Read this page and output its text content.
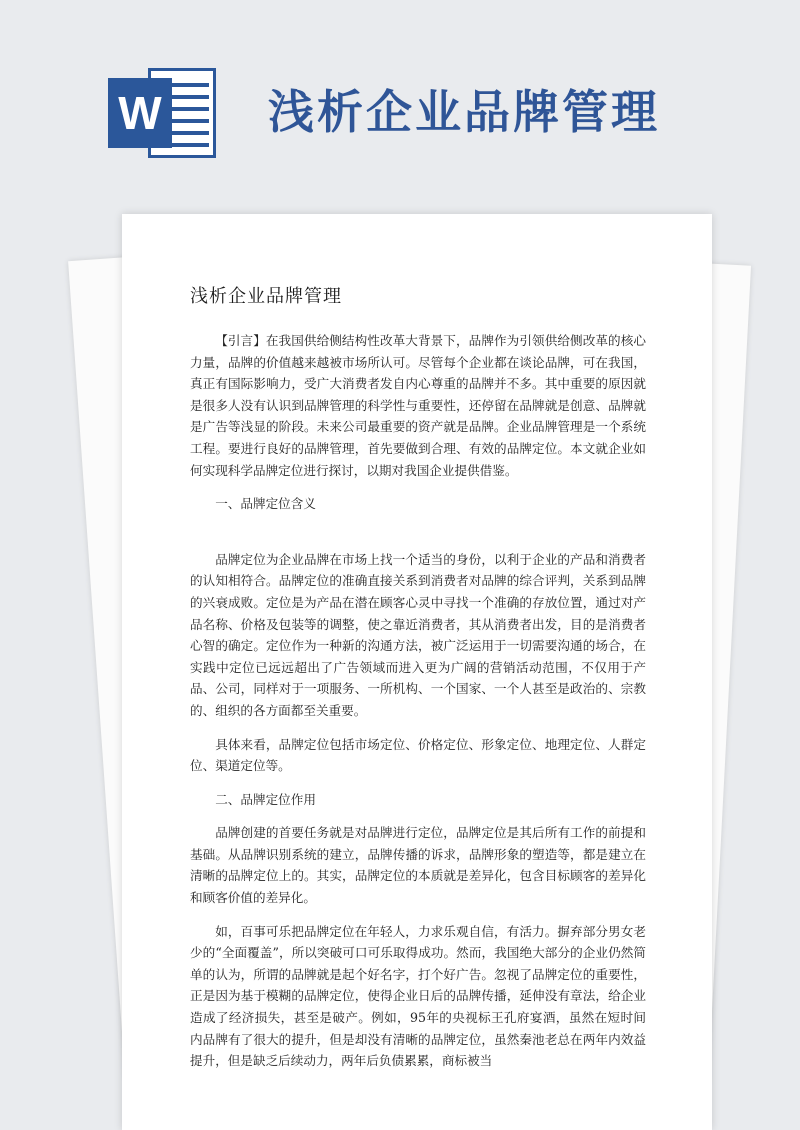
W 浅析企业品牌管理
浅析企业品牌管理

【引言】在我国供给侧结构性改革大背景下，品牌作为引领供给侧改革的核心力量，品牌的价值越来越被市场所认可。尽管每个企业都在谈论品牌，可在我国，真正有国际影响力，受广大消费者发自内心尊重的品牌并不多。其中重要的原因就是很多人没有认识到品牌管理的科学性与重要性，还停留在品牌就是创意、品牌就是广告等浅显的阶段。未来公司最重要的资产就是品牌。企业品牌管理是一个系统工程。要进行良好的品牌管理，首先要做到合理、有效的品牌定位。本文就企业如何实现科学品牌定位进行探讨，以期对我国企业提供借鉴。

一、品牌定位含义

品牌定位为企业品牌在市场上找一个适当的身份，以利于企业的产品和消费者的认知相符合。品牌定位的准确直接关系到消费者对品牌的综合评判，关系到品牌的兴衰成败。定位是为产品在潜在顾客心灵中寻找一个准确的存放位置，通过对产品名称、价格及包装等的调整，使之靠近消费者，其从消费者出发，目的是消费者心智的确定。定位作为一种新的沟通方法，被广泛运用于一切需要沟通的场合，在实践中定位已远远超出了广告领域而进入更为广阔的营销活动范围，不仅用于产品、公司，同样对于一项服务、一所机构、一个国家、一个人甚至是政治的、宗教的、组织的各方面都至关重要。

具体来看，品牌定位包括市场定位、价格定位、形象定位、地理定位、人群定位、渠道定位等。

二、品牌定位作用

品牌创建的首要任务就是对品牌进行定位，品牌定位是其后所有工作的前提和基础。从品牌识别系统的建立，品牌传播的诉求，品牌形象的塑造等，都是建立在清晰的品牌定位上的。其实，品牌定位的本质就是差异化，包含目标顾客的差异化和顾客价值的差异化。

如，百事可乐把品牌定位在年轻人，力求乐观自信，有活力。摒弃部分男女老少的“全面覆盖”，所以突破可口可乐取得成功。然而，我国绝大部分的企业仍然简单的认为，所谓的品牌就是起个好名字，打个好广告。忽视了品牌定位的重要性，正是因为基于模糊的品牌定位，使得企业日后的品牌传播，延伸没有章法，给企业造成了经济损失，甚至是破产。例如，95年的央视标王孔府宴酒，虽然在短时间内品牌有了很大的提升，但是却没有清晰的品牌定位，虽然秦池老总在两年内效益提升，但是缺乏后续动力，两年后负债累累，商标被当
